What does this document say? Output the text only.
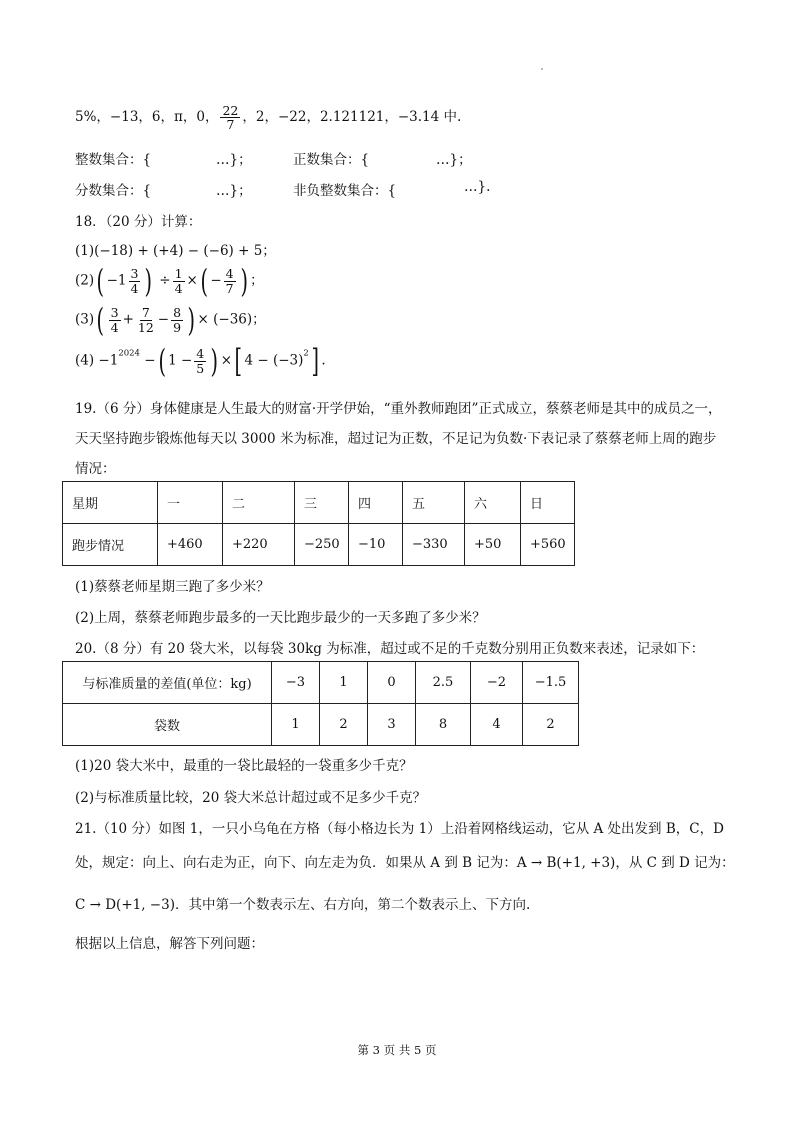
5%，−13，6，π，0， $\frac{22}{7}$ ，2，−22，2.121121，−3.14 中.
整数集合：{	…}；	正数集合：{	…}；
分数集合：{	…}；	非负整数集合：{	…}.
18．（20 分）计算：
(1)(−18) + (+4) − (−6) + 5；
$(2)( -1 \frac{3}{4}$ ) ÷ $\frac{1}{4}$ ×( − $\frac{4}{7}$ ) ；
$(3)( \frac{3}{4} + \frac{7}{12} - \frac{8}{9}$ ) × (−36)；
$(4) -1^{2024}$ −( $1 - \frac{4}{5}$ ) ×[ $4 - (-3)^2$] .
19.（6 分）身体健康是人生最大的财富·开学伊始，“重外教师跑团”正式成立，蔡蔡老师是其中的成员之一，
天天坚持跑步锻炼他每天以 3000 米为标准，超过记为正数，不足记为负数·下表记录了蔡蔡老师上周的跑步
情况：
星期	一	二	三	四	五	六	日
跑步情况	+460	+220	−250	−10	−330	+50	+560
(1)蔡蔡老师星期三跑了多少米？
(2)上周，蔡蔡老师跑步最多的一天比跑步最少的一天多跑了多少米？
20.（8 分）有 20 袋大米，以每袋 30kg 为标准，超过或不足的千克数分别用正负数来表述，记录如下：
与标准质量的差值(单位：kg)	−3	1	0	2.5	−2	−1.5
袋数	1	2	3	8	4	2
(1)20 袋大米中，最重的一袋比最轻的一袋重多少千克？
(2)与标准质量比较，20 袋大米总计超过或不足多少千克？
21.（10 分）如图 1，一只小乌龟在方格（每小格边长为 1）上沿着网格线运动，它从 A 处出发到 B，C，D
处，规定：向上、向右走为正，向下、向左走为负．如果从 A 到 B 记为：A → B(+1, +3)，从 C 到 D 记为：
C → D(+1, −3)．其中第一个数表示左、右方向，第二个数表示上、下方向.
根据以上信息，解答下列问题：
第 3 页 共 5 页
